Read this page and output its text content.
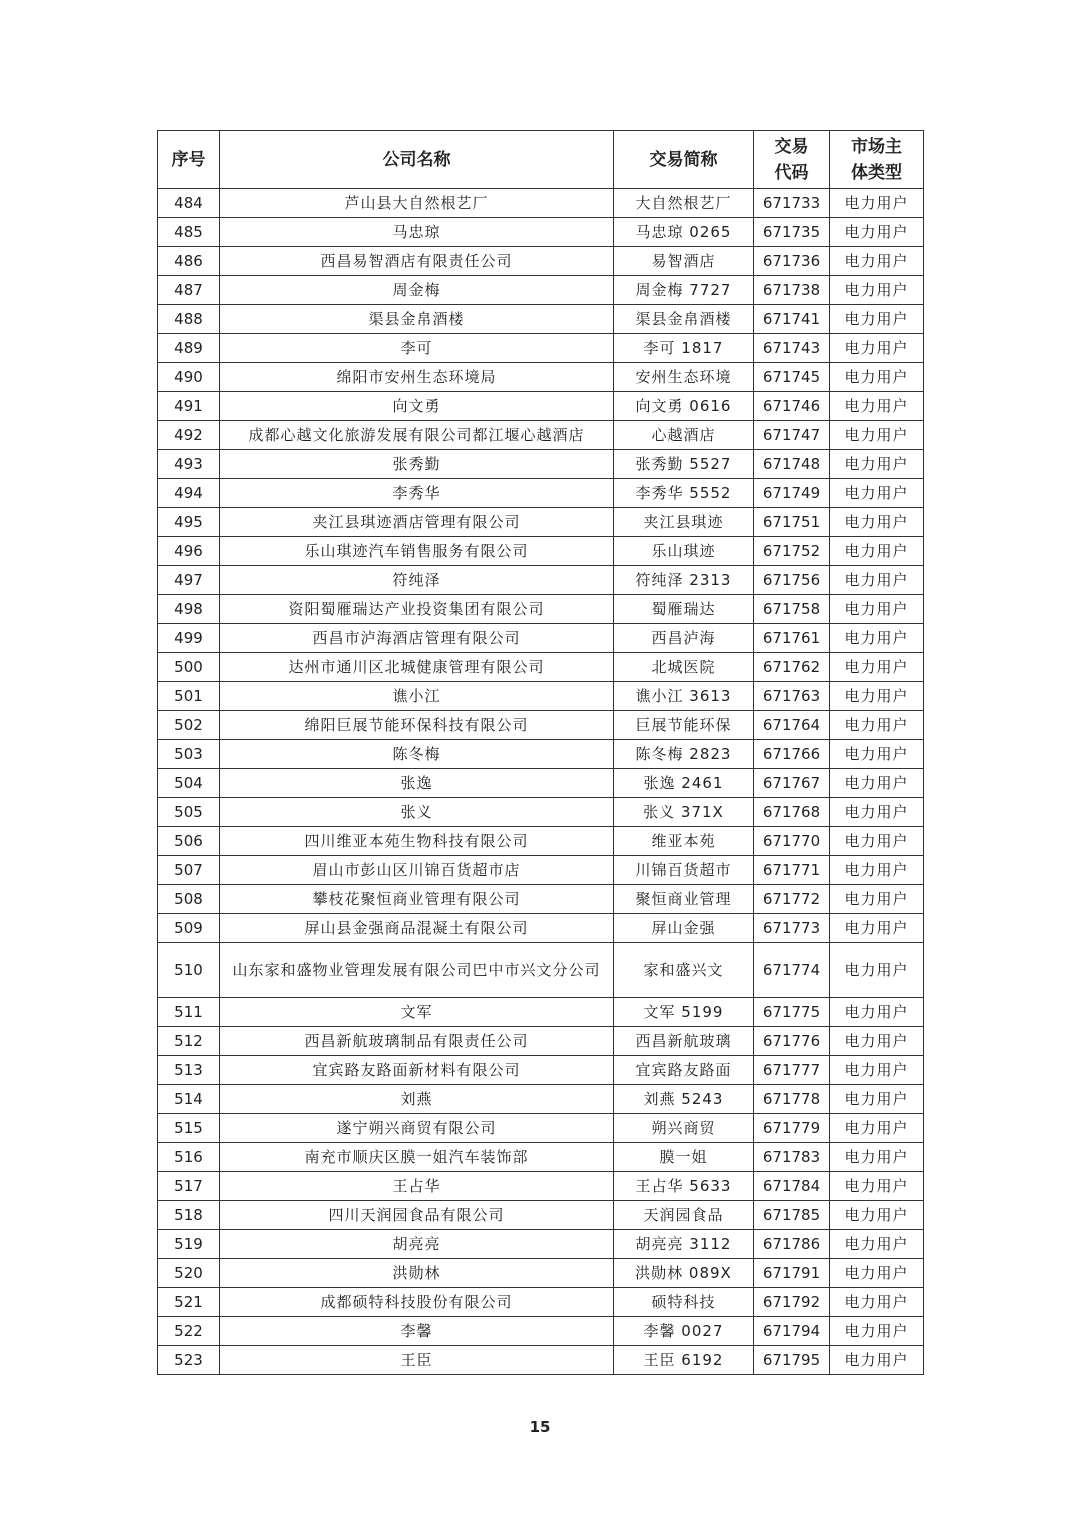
序号	公司名称	交易简称	交易代码	市场主体类型
484	芦山县大自然根艺厂	大自然根艺厂	671733	电力用户
485	马忠琼	马忠琼 0265	671735	电力用户
486	西昌易智酒店有限责任公司	易智酒店	671736	电力用户
487	周金梅	周金梅 7727	671738	电力用户
488	渠县金帛酒楼	渠县金帛酒楼	671741	电力用户
489	李可	李可 1817	671743	电力用户
490	绵阳市安州生态环境局	安州生态环境	671745	电力用户
491	向文勇	向文勇 0616	671746	电力用户
492	成都心越文化旅游发展有限公司都江堰心越酒店	心越酒店	671747	电力用户
493	张秀勤	张秀勤 5527	671748	电力用户
494	李秀华	李秀华 5552	671749	电力用户
495	夹江县琪迹酒店管理有限公司	夹江县琪迹	671751	电力用户
496	乐山琪迹汽车销售服务有限公司	乐山琪迹	671752	电力用户
497	符纯泽	符纯泽 2313	671756	电力用户
498	资阳蜀雁瑞达产业投资集团有限公司	蜀雁瑞达	671758	电力用户
499	西昌市泸海酒店管理有限公司	西昌泸海	671761	电力用户
500	达州市通川区北城健康管理有限公司	北城医院	671762	电力用户
501	谯小江	谯小江 3613	671763	电力用户
502	绵阳巨展节能环保科技有限公司	巨展节能环保	671764	电力用户
503	陈冬梅	陈冬梅 2823	671766	电力用户
504	张逸	张逸 2461	671767	电力用户
505	张义	张义 371X	671768	电力用户
506	四川维亚本苑生物科技有限公司	维亚本苑	671770	电力用户
507	眉山市彭山区川锦百货超市店	川锦百货超市	671771	电力用户
508	攀枝花聚恒商业管理有限公司	聚恒商业管理	671772	电力用户
509	屏山县金强商品混凝土有限公司	屏山金强	671773	电力用户
510	山东家和盛物业管理发展有限公司巴中市兴文分公司	家和盛兴文	671774	电力用户
511	文军	文军 5199	671775	电力用户
512	西昌新航玻璃制品有限责任公司	西昌新航玻璃	671776	电力用户
513	宜宾路友路面新材料有限公司	宜宾路友路面	671777	电力用户
514	刘燕	刘燕 5243	671778	电力用户
515	遂宁朔兴商贸有限公司	朔兴商贸	671779	电力用户
516	南充市顺庆区膜一姐汽车装饰部	膜一姐	671783	电力用户
517	王占华	王占华 5633	671784	电力用户
518	四川天润园食品有限公司	天润园食品	671785	电力用户
519	胡亮亮	胡亮亮 3112	671786	电力用户
520	洪勋林	洪勋林 089X	671791	电力用户
521	成都硕特科技股份有限公司	硕特科技	671792	电力用户
522	李馨	李馨 0027	671794	电力用户
523	王臣	王臣 6192	671795	电力用户
15
